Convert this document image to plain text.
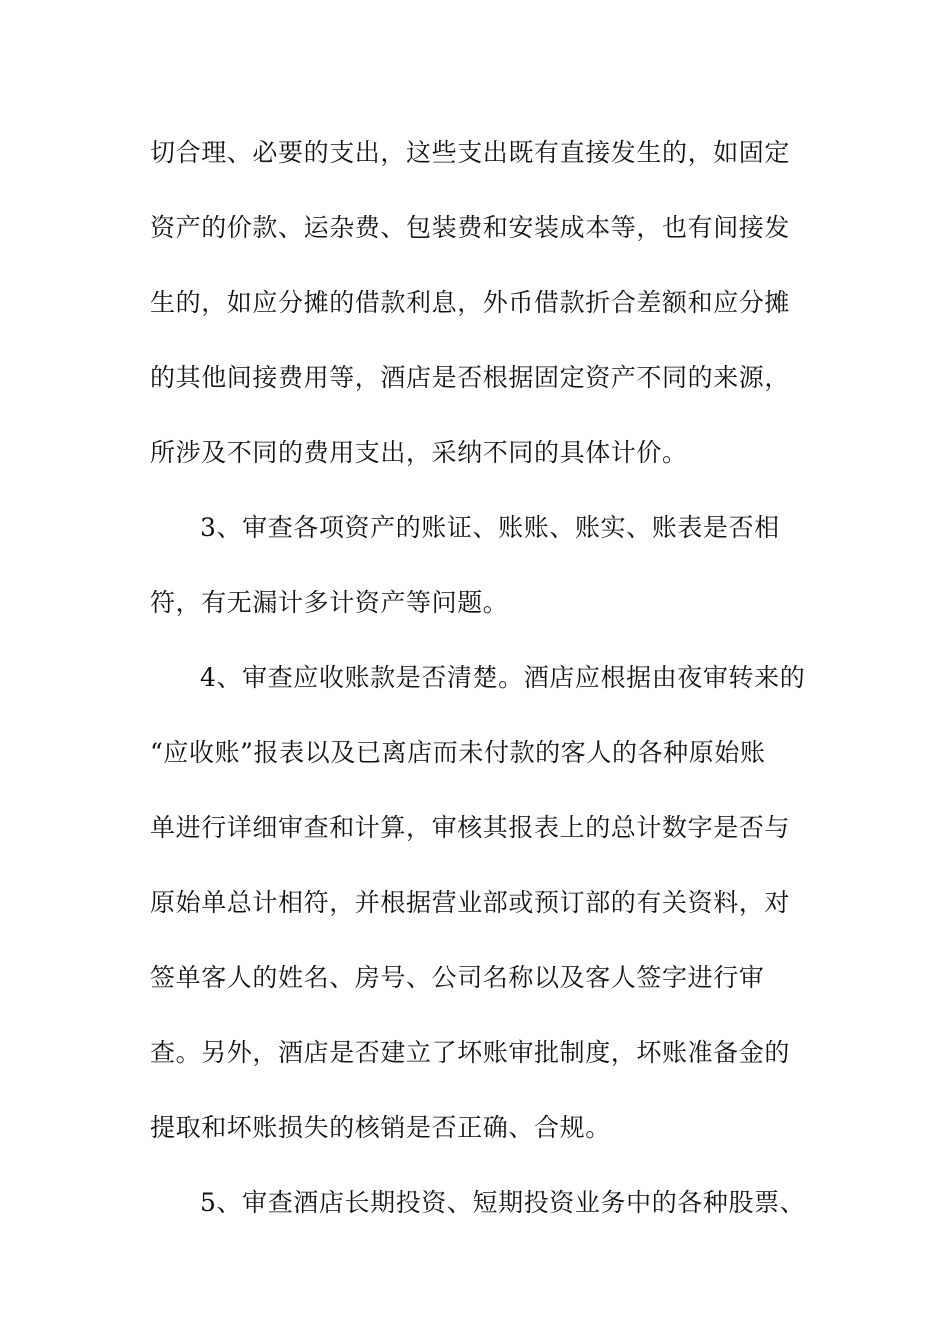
切合理、必要的支出，这些支出既有直接发生的，如固定
资产的价款、运杂费、包装费和安装成本等，也有间接发
生的，如应分摊的借款利息，外币借款折合差额和应分摊
的其他间接费用等，酒店是否根据固定资产不同的来源，
所涉及不同的费用支出，采纳不同的具体计价。
3、审查各项资产的账证、账账、账实、账表是否相
符，有无漏计多计资产等问题。
4、审查应收账款是否清楚。酒店应根据由夜审转来的
“应收账”报表以及已离店而未付款的客人的各种原始账
单进行详细审查和计算，审核其报表上的总计数字是否与
原始单总计相符，并根据营业部或预订部的有关资料，对
签单客人的姓名、房号、公司名称以及客人签字进行审
查。另外，酒店是否建立了坏账审批制度，坏账准备金的
提取和坏账损失的核销是否正确、合规。
5、审查酒店长期投资、短期投资业务中的各种股票、
